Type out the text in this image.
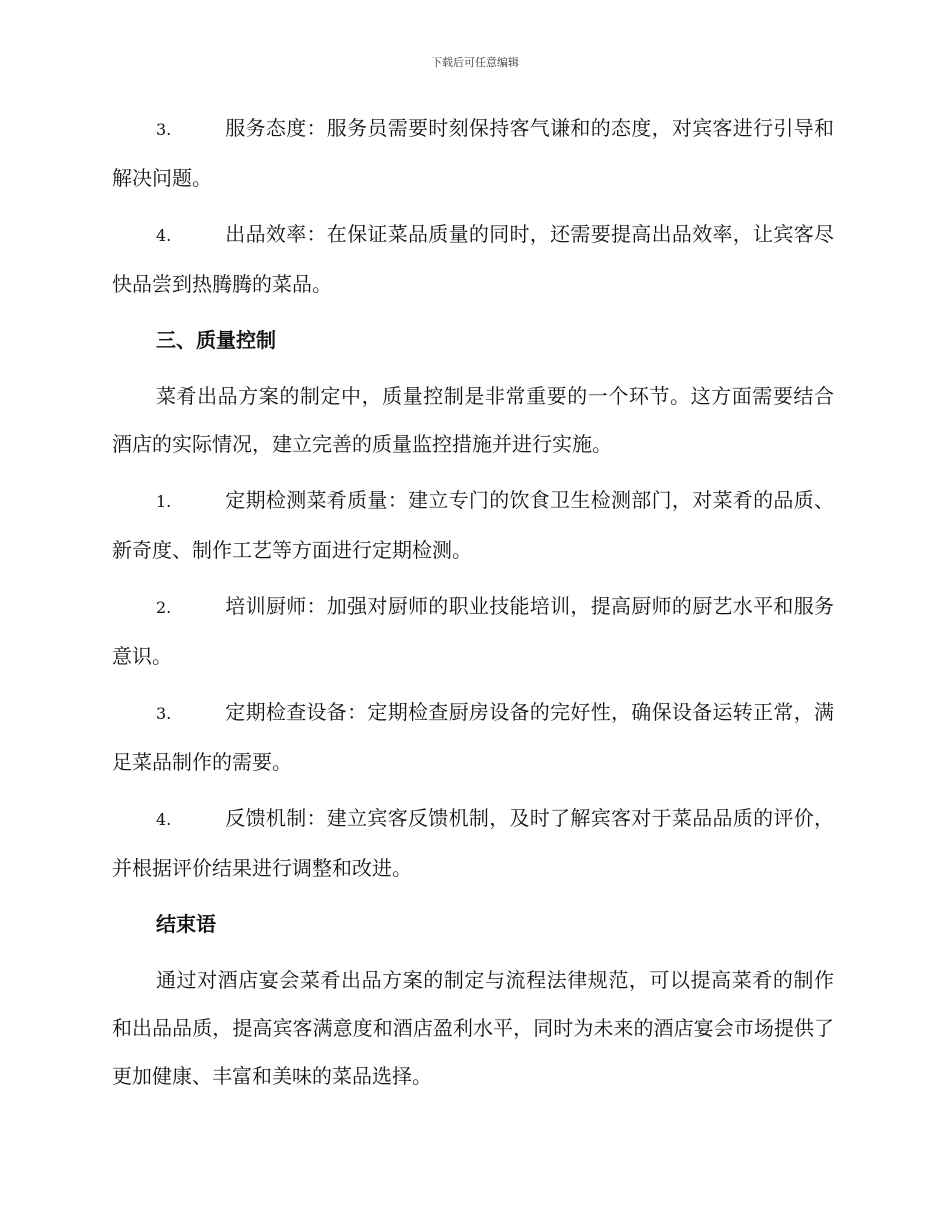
下载后可任意编辑

3.	服务态度：服务员需要时刻保持客气谦和的态度，对宾客进行引导和解决问题。

4.	出品效率：在保证菜品质量的同时，还需要提高出品效率，让宾客尽快品尝到热腾腾的菜品。

三、质量控制

菜肴出品方案的制定中，质量控制是非常重要的一个环节。这方面需要结合酒店的实际情况，建立完善的质量监控措施并进行实施。

1.	定期检测菜肴质量：建立专门的饮食卫生检测部门，对菜肴的品质、新奇度、制作工艺等方面进行定期检测。

2.	培训厨师：加强对厨师的职业技能培训，提高厨师的厨艺水平和服务意识。

3.	定期检查设备：定期检查厨房设备的完好性，确保设备运转正常，满足菜品制作的需要。

4.	反馈机制：建立宾客反馈机制，及时了解宾客对于菜品品质的评价，并根据评价结果进行调整和改进。

结束语

通过对酒店宴会菜肴出品方案的制定与流程法律规范，可以提高菜肴的制作和出品品质，提高宾客满意度和酒店盈利水平，同时为未来的酒店宴会市场提供了更加健康、丰富和美味的菜品选择。
